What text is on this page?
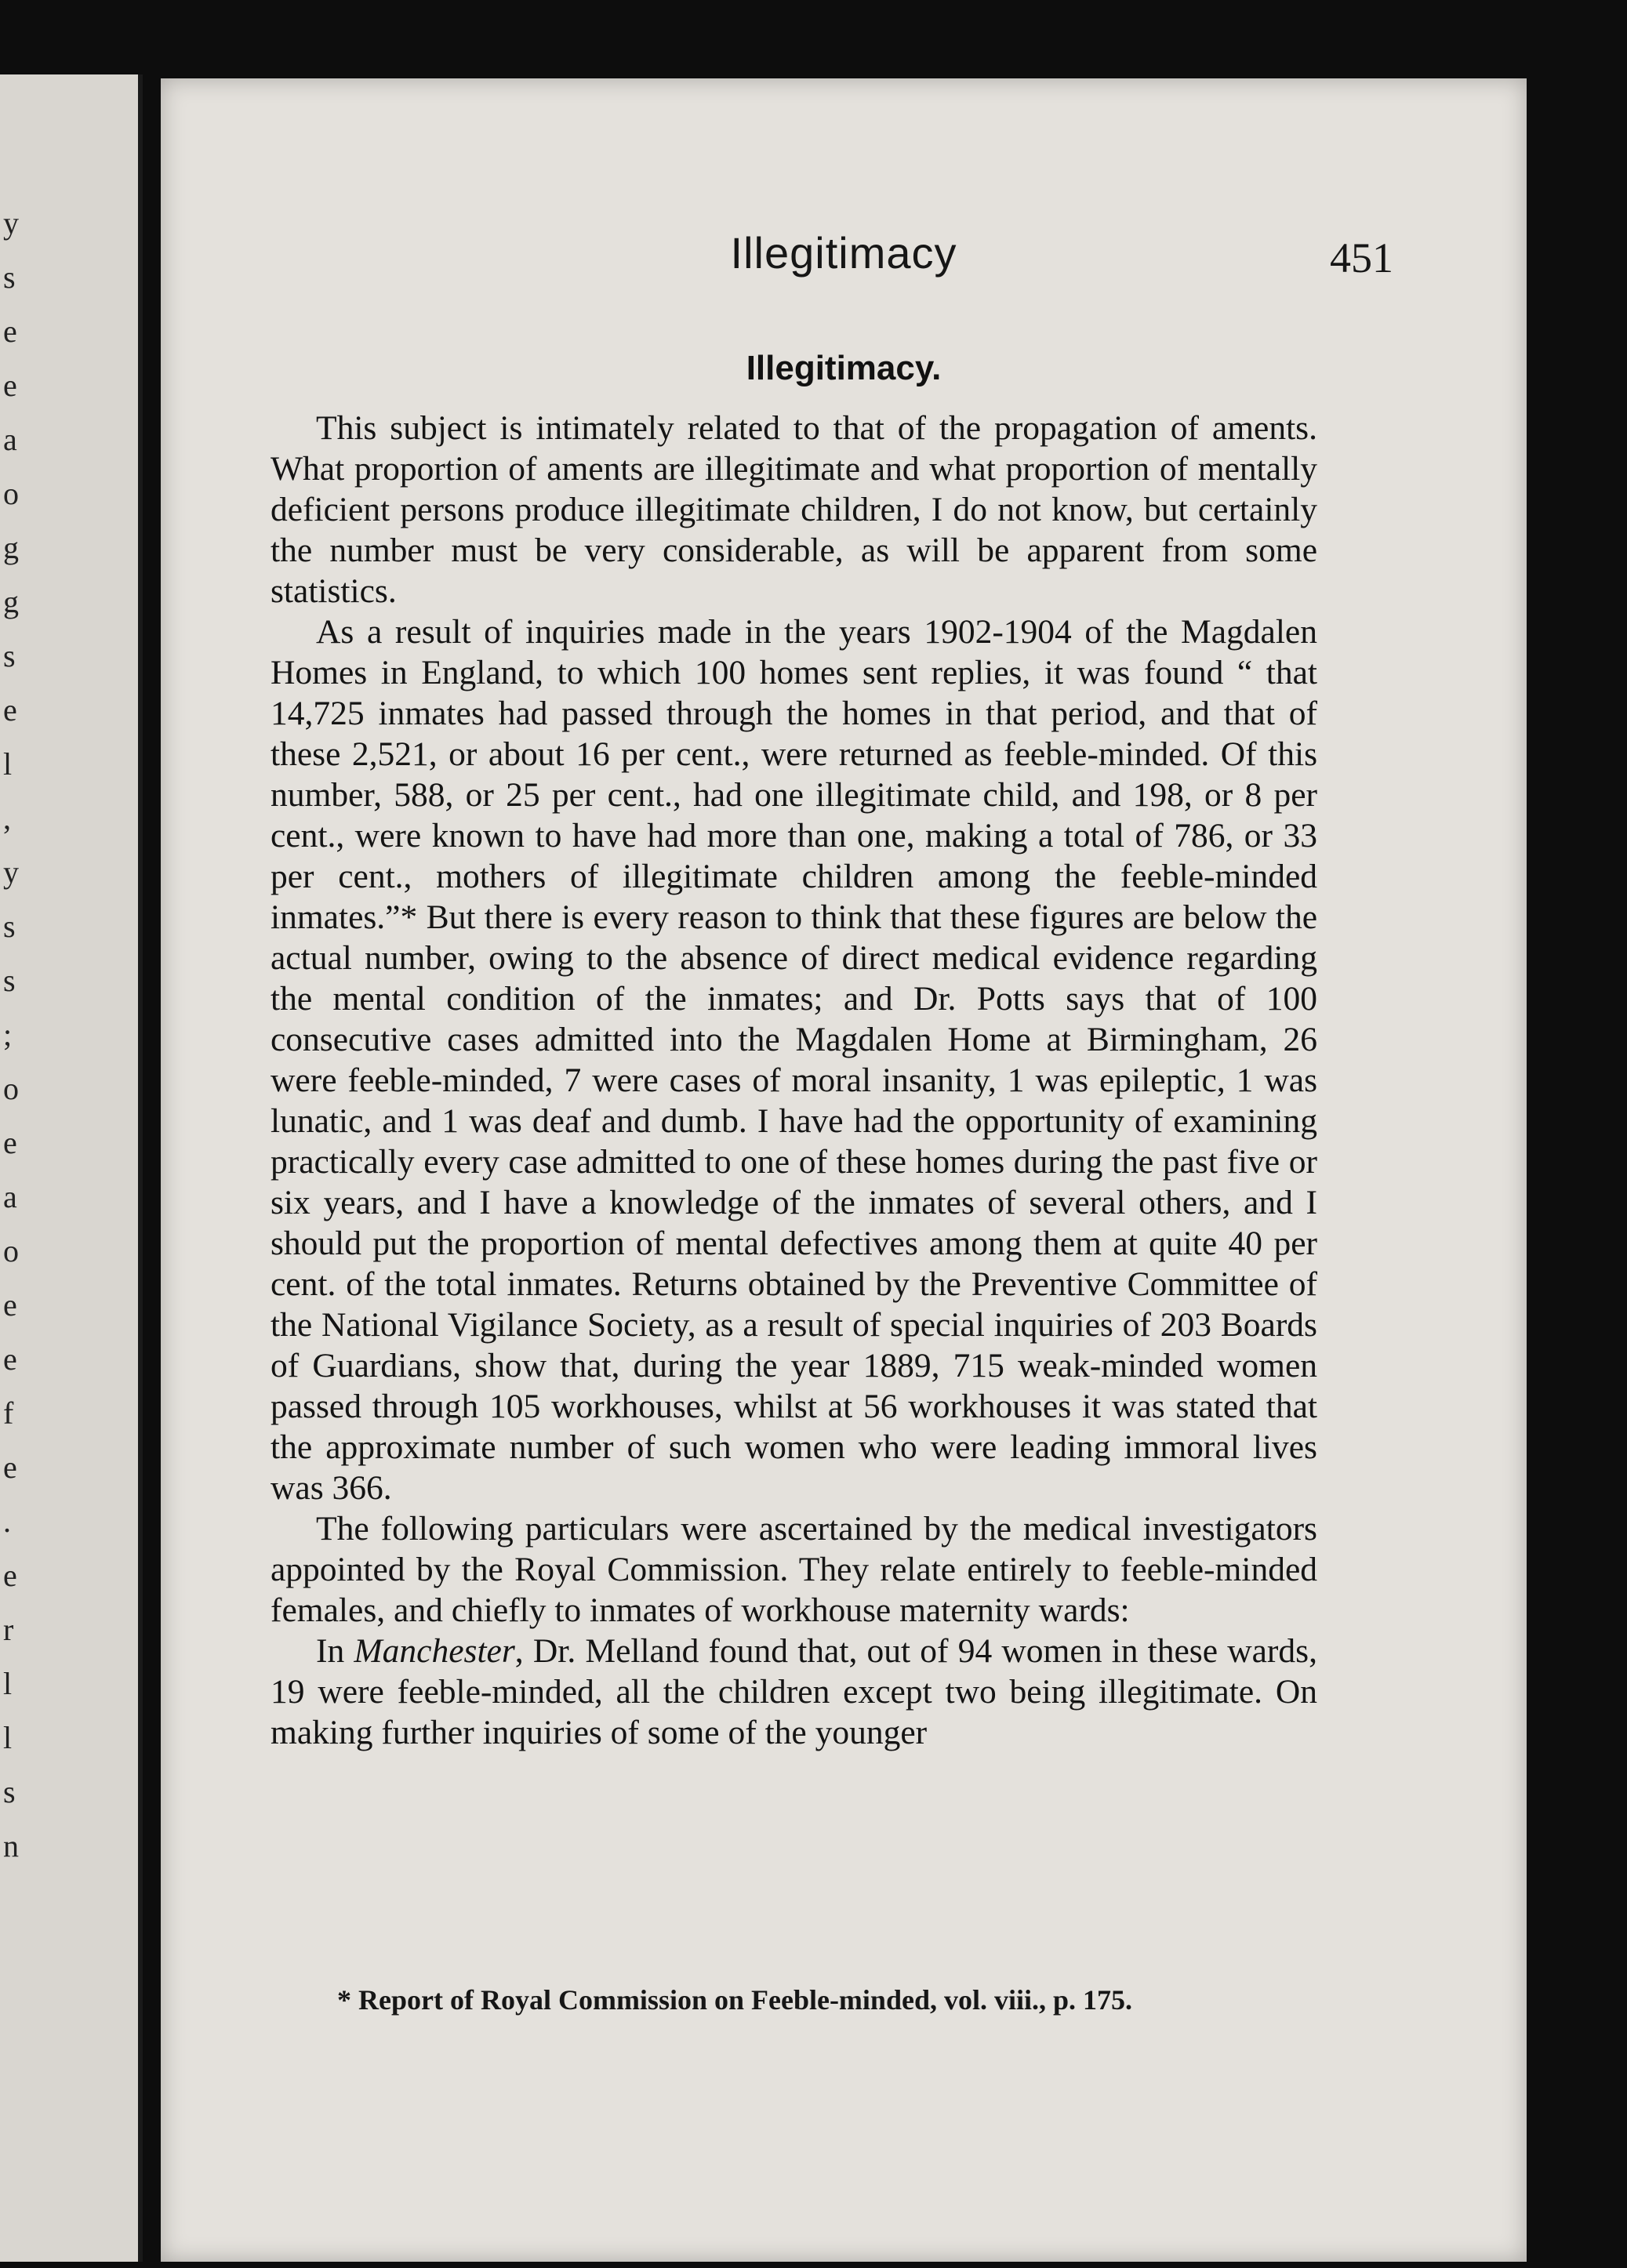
y
s
e
e
a
o
g
g
s
e
l
,
y
s
s
;
o
e
a
o
e
e
f
e
.
e
r
l
l
s
n
Illegitimacy	451
Illegitimacy.

This subject is intimately related to that of the propagation of aments. What proportion of aments are illegitimate and what proportion of mentally deficient persons produce illegitimate children, I do not know, but certainly the number must be very considerable, as will be apparent from some statistics.

As a result of inquiries made in the years 1902-1904 of the Magdalen Homes in England, to which 100 homes sent replies, it was found “ that 14,725 inmates had passed through the homes in that period, and that of these 2,521, or about 16 per cent., were returned as feeble-minded. Of this number, 588, or 25 per cent., had one illegitimate child, and 198, or 8 per cent., were known to have had more than one, making a total of 786, or 33 per cent., mothers of illegitimate children among the feeble-minded inmates.”* But there is every reason to think that these figures are below the actual number, owing to the absence of direct medical evidence regarding the mental condition of the inmates; and Dr. Potts says that of 100 consecutive cases admitted into the Magdalen Home at Birmingham, 26 were feeble-minded, 7 were cases of moral insanity, 1 was epileptic, 1 was lunatic, and 1 was deaf and dumb. I have had the opportunity of examining practically every case admitted to one of these homes during the past five or six years, and I have a knowledge of the inmates of several others, and I should put the proportion of mental defectives among them at quite 40 per cent. of the total inmates. Returns obtained by the Preventive Committee of the National Vigilance Society, as a result of special inquiries of 203 Boards of Guardians, show that, during the year 1889, 715 weak-minded women passed through 105 workhouses, whilst at 56 workhouses it was stated that the approximate number of such women who were leading immoral lives was 366.

The following particulars were ascertained by the medical investigators appointed by the Royal Commission. They relate entirely to feeble-minded females, and chiefly to inmates of workhouse maternity wards:

In Manchester, Dr. Melland found that, out of 94 women in these wards, 19 were feeble-minded, all the children except two being illegitimate. On making further inquiries of some of the younger

* Report of Royal Commission on Feeble-minded, vol. viii., p. 175.
